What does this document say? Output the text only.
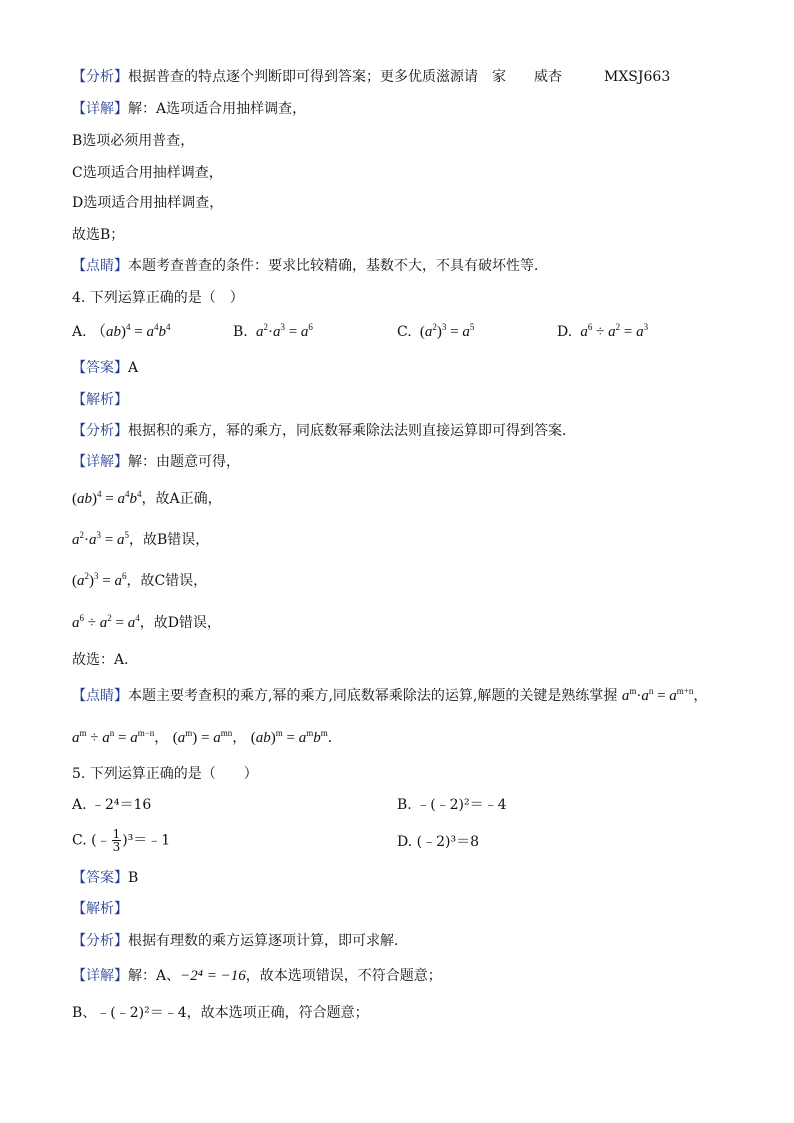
【分析】根据普查的特点逐个判断即可得到答案；更多优质滋源请　家　　威杏　　　MXSJ663
【详解】解：A选项适合用抽样调查，
B选项必须用普查，
C选项适合用抽样调查，
D选项适合用抽样调查，
故选B；
【点睛】本题考查普查的条件：要求比较精确，基数不大，不具有破坏性等．
4. 下列运算正确的是（　）
A. $(ab)^4 = a^4b^4$	B.  $a^2\cdot a^3 = a^6$	C. $(a^2)^3 = a^5$	D.  $a^6 \div a^2 = a^3$
【答案】A
【解析】
【分析】根据积的乘方，幂的乘方，同底数幂乘除法法则直接运算即可得到答案．
【详解】解：由题意可得，
$(ab)^4 = a^4b^4$，故A正确，
$a^2\cdot a^3 = a^5$，故B错误，
$(a^2)^3 = a^6$，故C错误，
$a^6 \div a^2 = a^4$，故D错误，
故选：A．
【点睛】本题主要考查积的乘方,幂的乘方,同底数幂乘除法的运算,解题的关键是熟练掌握 $a^m\cdot a^n = a^{m+n}$，
$a^m \div a^n = a^{m-n}$， $(a^m) = a^{mn}$， $(ab)^m = a^mb^m$．
5. 下列运算正确的是（　　）
A. ﹣2⁴＝16	B. ﹣(﹣2)²＝﹣4
C. (﹣ $\frac{1}{3}$ )³＝﹣1	D. (﹣2)³＝8
【答案】B
【解析】
【分析】根据有理数的乘方运算逐项计算，即可求解．
【详解】解：A、−2⁴ = −16，故本选项错误，不符合题意；
B、﹣(﹣2)²＝﹣4，故本选项正确，符合题意；
